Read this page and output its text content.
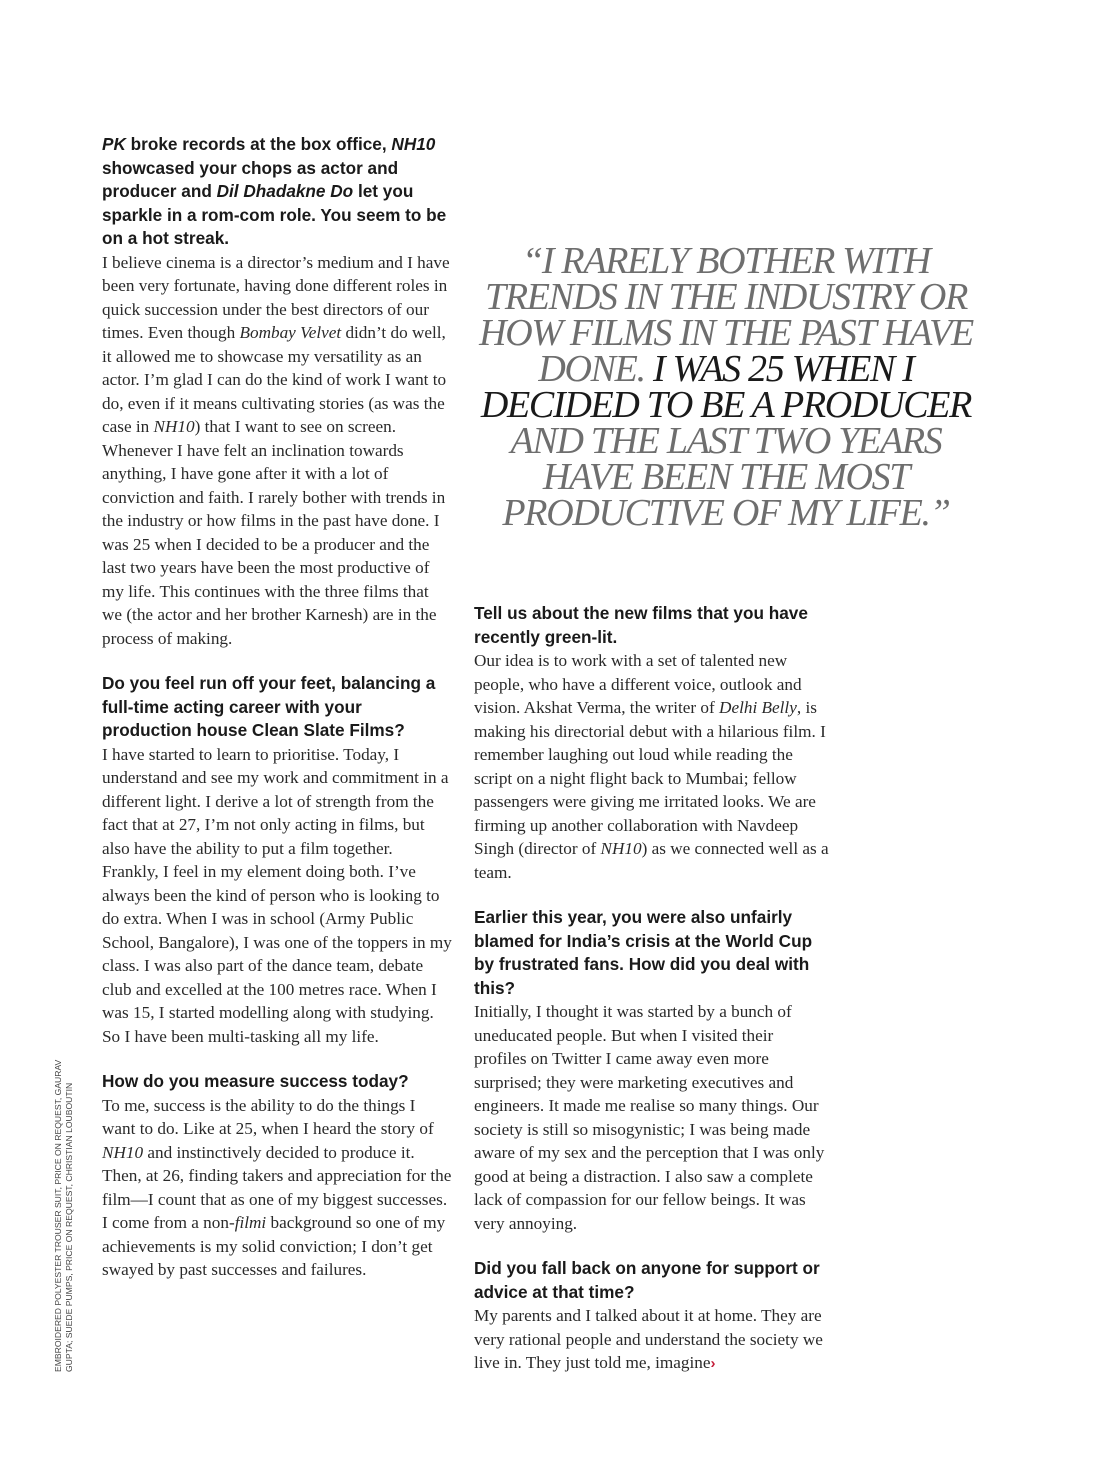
PK broke records at the box office, NH10 showcased your chops as actor and producer and Dil Dhadakne Do let you sparkle in a rom-com role. You seem to be on a hot streak.

I believe cinema is a director’s medium and I have been very fortunate, having done different roles in quick succession under the best directors of our times. Even though Bombay Velvet didn’t do well, it allowed me to showcase my versatility as an actor. I’m glad I can do the kind of work I want to do, even if it means cultivating stories (as was the case in NH10) that I want to see on screen. Whenever I have felt an inclination towards anything, I have gone after it with a lot of conviction and faith. I rarely bother with trends in the industry or how films in the past have done. I was 25 when I decided to be a producer and the last two years have been the most productive of my life. This continues with the three films that we (the actor and her brother Karnesh) are in the process of making.

Do you feel run off your feet, balancing a full-time acting career with your production house Clean Slate Films?

I have started to learn to prioritise. Today, I understand and see my work and commitment in a different light. I derive a lot of strength from the fact that at 27, I’m not only acting in films, but also have the ability to put a film together. Frankly, I feel in my element doing both. I’ve always been the kind of person who is looking to do extra. When I was in school (Army Public School, Bangalore), I was one of the toppers in my class. I was also part of the dance team, debate club and excelled at the 100 metres race. When I was 15, I started modelling along with studying. So I have been multi-tasking all my life.

How do you measure success today?

To me, success is the ability to do the things I want to do. Like at 25, when I heard the story of NH10 and instinctively decided to produce it. Then, at 26, finding takers and appreciation for the film—I count that as one of my biggest successes. I come from a non-filmi background so one of my achievements is my solid conviction; I don’t get swayed by past successes and failures.

“I RARELY BOTHER WITH TRENDS IN THE INDUSTRY OR HOW FILMS IN THE PAST HAVE DONE. I WAS 25 WHEN I DECIDED TO BE A PRODUCER AND THE LAST TWO YEARS HAVE BEEN THE MOST PRODUCTIVE OF MY LIFE.”

Tell us about the new films that you have recently green-lit.

Our idea is to work with a set of talented new people, who have a different voice, outlook and vision. Akshat Verma, the writer of Delhi Belly, is making his directorial debut with a hilarious film. I remember laughing out loud while reading the script on a night flight back to Mumbai; fellow passengers were giving me irritated looks. We are firming up another collaboration with Navdeep Singh (director of NH10) as we connected well as a team.

Earlier this year, you were also unfairly blamed for India’s crisis at the World Cup by frustrated fans. How did you deal with this?

Initially, I thought it was started by a bunch of uneducated people. But when I visited their profiles on Twitter I came away even more surprised; they were marketing executives and engineers. It made me realise so many things. Our society is still so misogynistic; I was being made aware of my sex and the perception that I was only good at being a distraction. I also saw a complete lack of compassion for our fellow beings. It was very annoying.

Did you fall back on anyone for support or advice at that time?

My parents and I talked about it at home. They are very rational people and understand the society we live in. They just told me, imagine›

EMBROIDERED POLYESTER TROUSER SUIT, PRICE ON REQUEST, GAURAV GUPTA; SUEDE PUMPS, PRICE ON REQUEST, CHRISTIAN LOUBOUTIN
